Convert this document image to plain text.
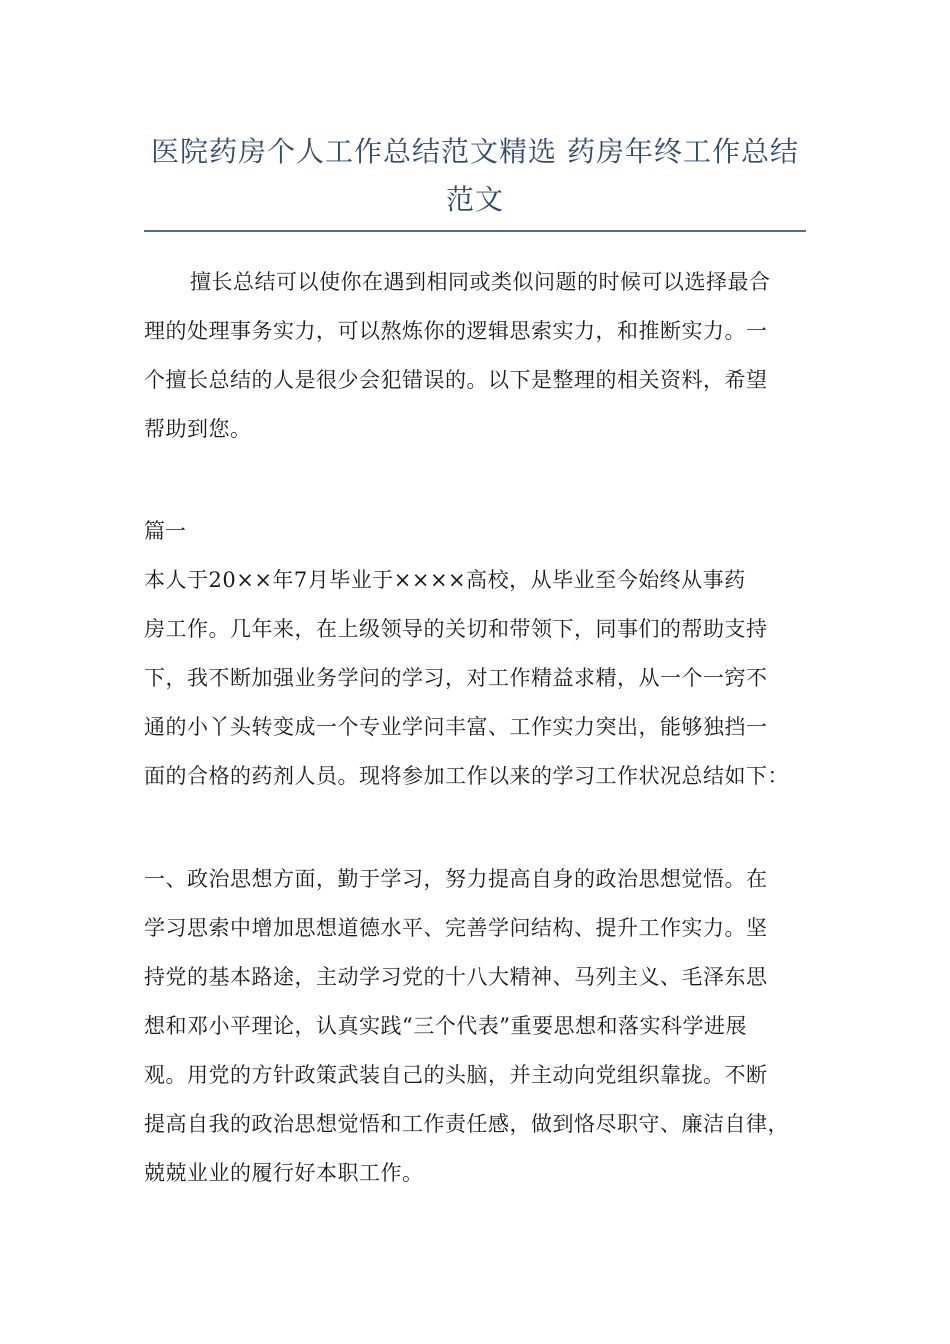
医院药房个人工作总结范文精选 药房年终工作总结
范文

擅长总结可以使你在遇到相同或类似问题的时候可以选择最合
理的处理事务实力，可以熬炼你的逻辑思索实力，和推断实力。一
个擅长总结的人是很少会犯错误的。以下是整理的相关资料，希望
帮助到您。

篇一

本人于20××年7月毕业于××××高校，从毕业至今始终从事药
房工作。几年来，在上级领导的关切和带领下，同事们的帮助支持
下，我不断加强业务学问的学习，对工作精益求精，从一个一窍不
通的小丫头转变成一个专业学问丰富、工作实力突出，能够独挡一
面的合格的药剂人员。现将参加工作以来的学习工作状况总结如下：

一、政治思想方面，勤于学习，努力提高自身的政治思想觉悟。在
学习思索中增加思想道德水平、完善学问结构、提升工作实力。坚
持党的基本路途，主动学习党的十八大精神、马列主义、毛泽东思
想和邓小平理论，认真实践“三个代表”重要思想和落实科学进展
观。用党的方针政策武装自己的头脑，并主动向党组织靠拢。不断
提高自我的政治思想觉悟和工作责任感，做到恪尽职守、廉洁自律，
兢兢业业的履行好本职工作。
